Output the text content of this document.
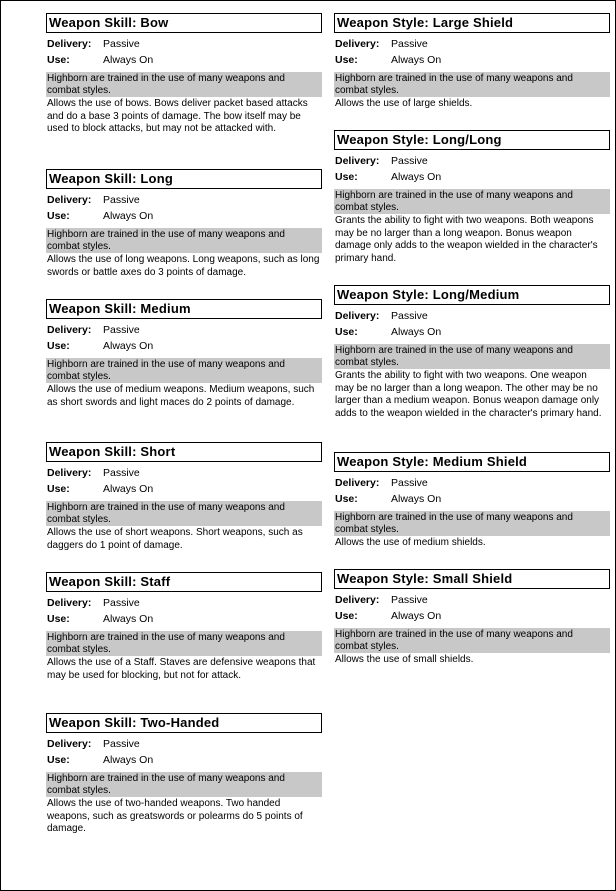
Weapon Skill: Bow
Delivery: Passive
Use:	Always On
Highborn are trained in the use of many weapons and combat styles.
Allows the use of bows. Bows deliver packet based attacks and do a base 3 points of damage. The bow itself may be used to block attacks, but may not be attacked with.
Weapon Skill: Long
Delivery: Passive
Use:	Always On
Highborn are trained in the use of many weapons and combat styles.
Allows the use of long weapons. Long weapons, such as long swords or battle axes do 3 points of damage.
Weapon Skill: Medium
Delivery: Passive
Use:	Always On
Highborn are trained in the use of many weapons and combat styles.
Allows the use of medium weapons. Medium weapons, such as short swords and light maces do 2 points of damage.
Weapon Skill: Short
Delivery: Passive
Use:	Always On
Highborn are trained in the use of many weapons and combat styles.
Allows the use of short weapons. Short weapons, such as daggers do 1 point of damage.
Weapon Skill: Staff
Delivery: Passive
Use:	Always On
Highborn are trained in the use of many weapons and combat styles.
Allows the use of a Staff. Staves are defensive weapons that may be used for blocking, but not for attack.
Weapon Skill: Two-Handed
Delivery: Passive
Use:	Always On
Highborn are trained in the use of many weapons and combat styles.
Allows the use of two-handed weapons. Two handed weapons, such as greatswords or polearms do 5 points of damage.
Weapon Style: Large Shield
Delivery: Passive
Use:	Always On
Highborn are trained in the use of many weapons and combat styles.
Allows the use of large shields.
Weapon Style: Long/Long
Delivery: Passive
Use:	Always On
Highborn are trained in the use of many weapons and combat styles.
Grants the ability to fight with two weapons. Both weapons may be no larger than a long weapon. Bonus weapon damage only adds to the weapon wielded in the character's primary hand.
Weapon Style: Long/Medium
Delivery: Passive
Use:	Always On
Highborn are trained in the use of many weapons and combat styles.
Grants the ability to fight with two weapons. One weapon may be no larger than a long weapon. The other may be no larger than a medium weapon. Bonus weapon damage only adds to the weapon wielded in the character's primary hand.
Weapon Style: Medium Shield
Delivery: Passive
Use:	Always On
Highborn are trained in the use of many weapons and combat styles.
Allows the use of medium shields.
Weapon Style: Small Shield
Delivery: Passive
Use:	Always On
Highborn are trained in the use of many weapons and combat styles.
Allows the use of small shields.
